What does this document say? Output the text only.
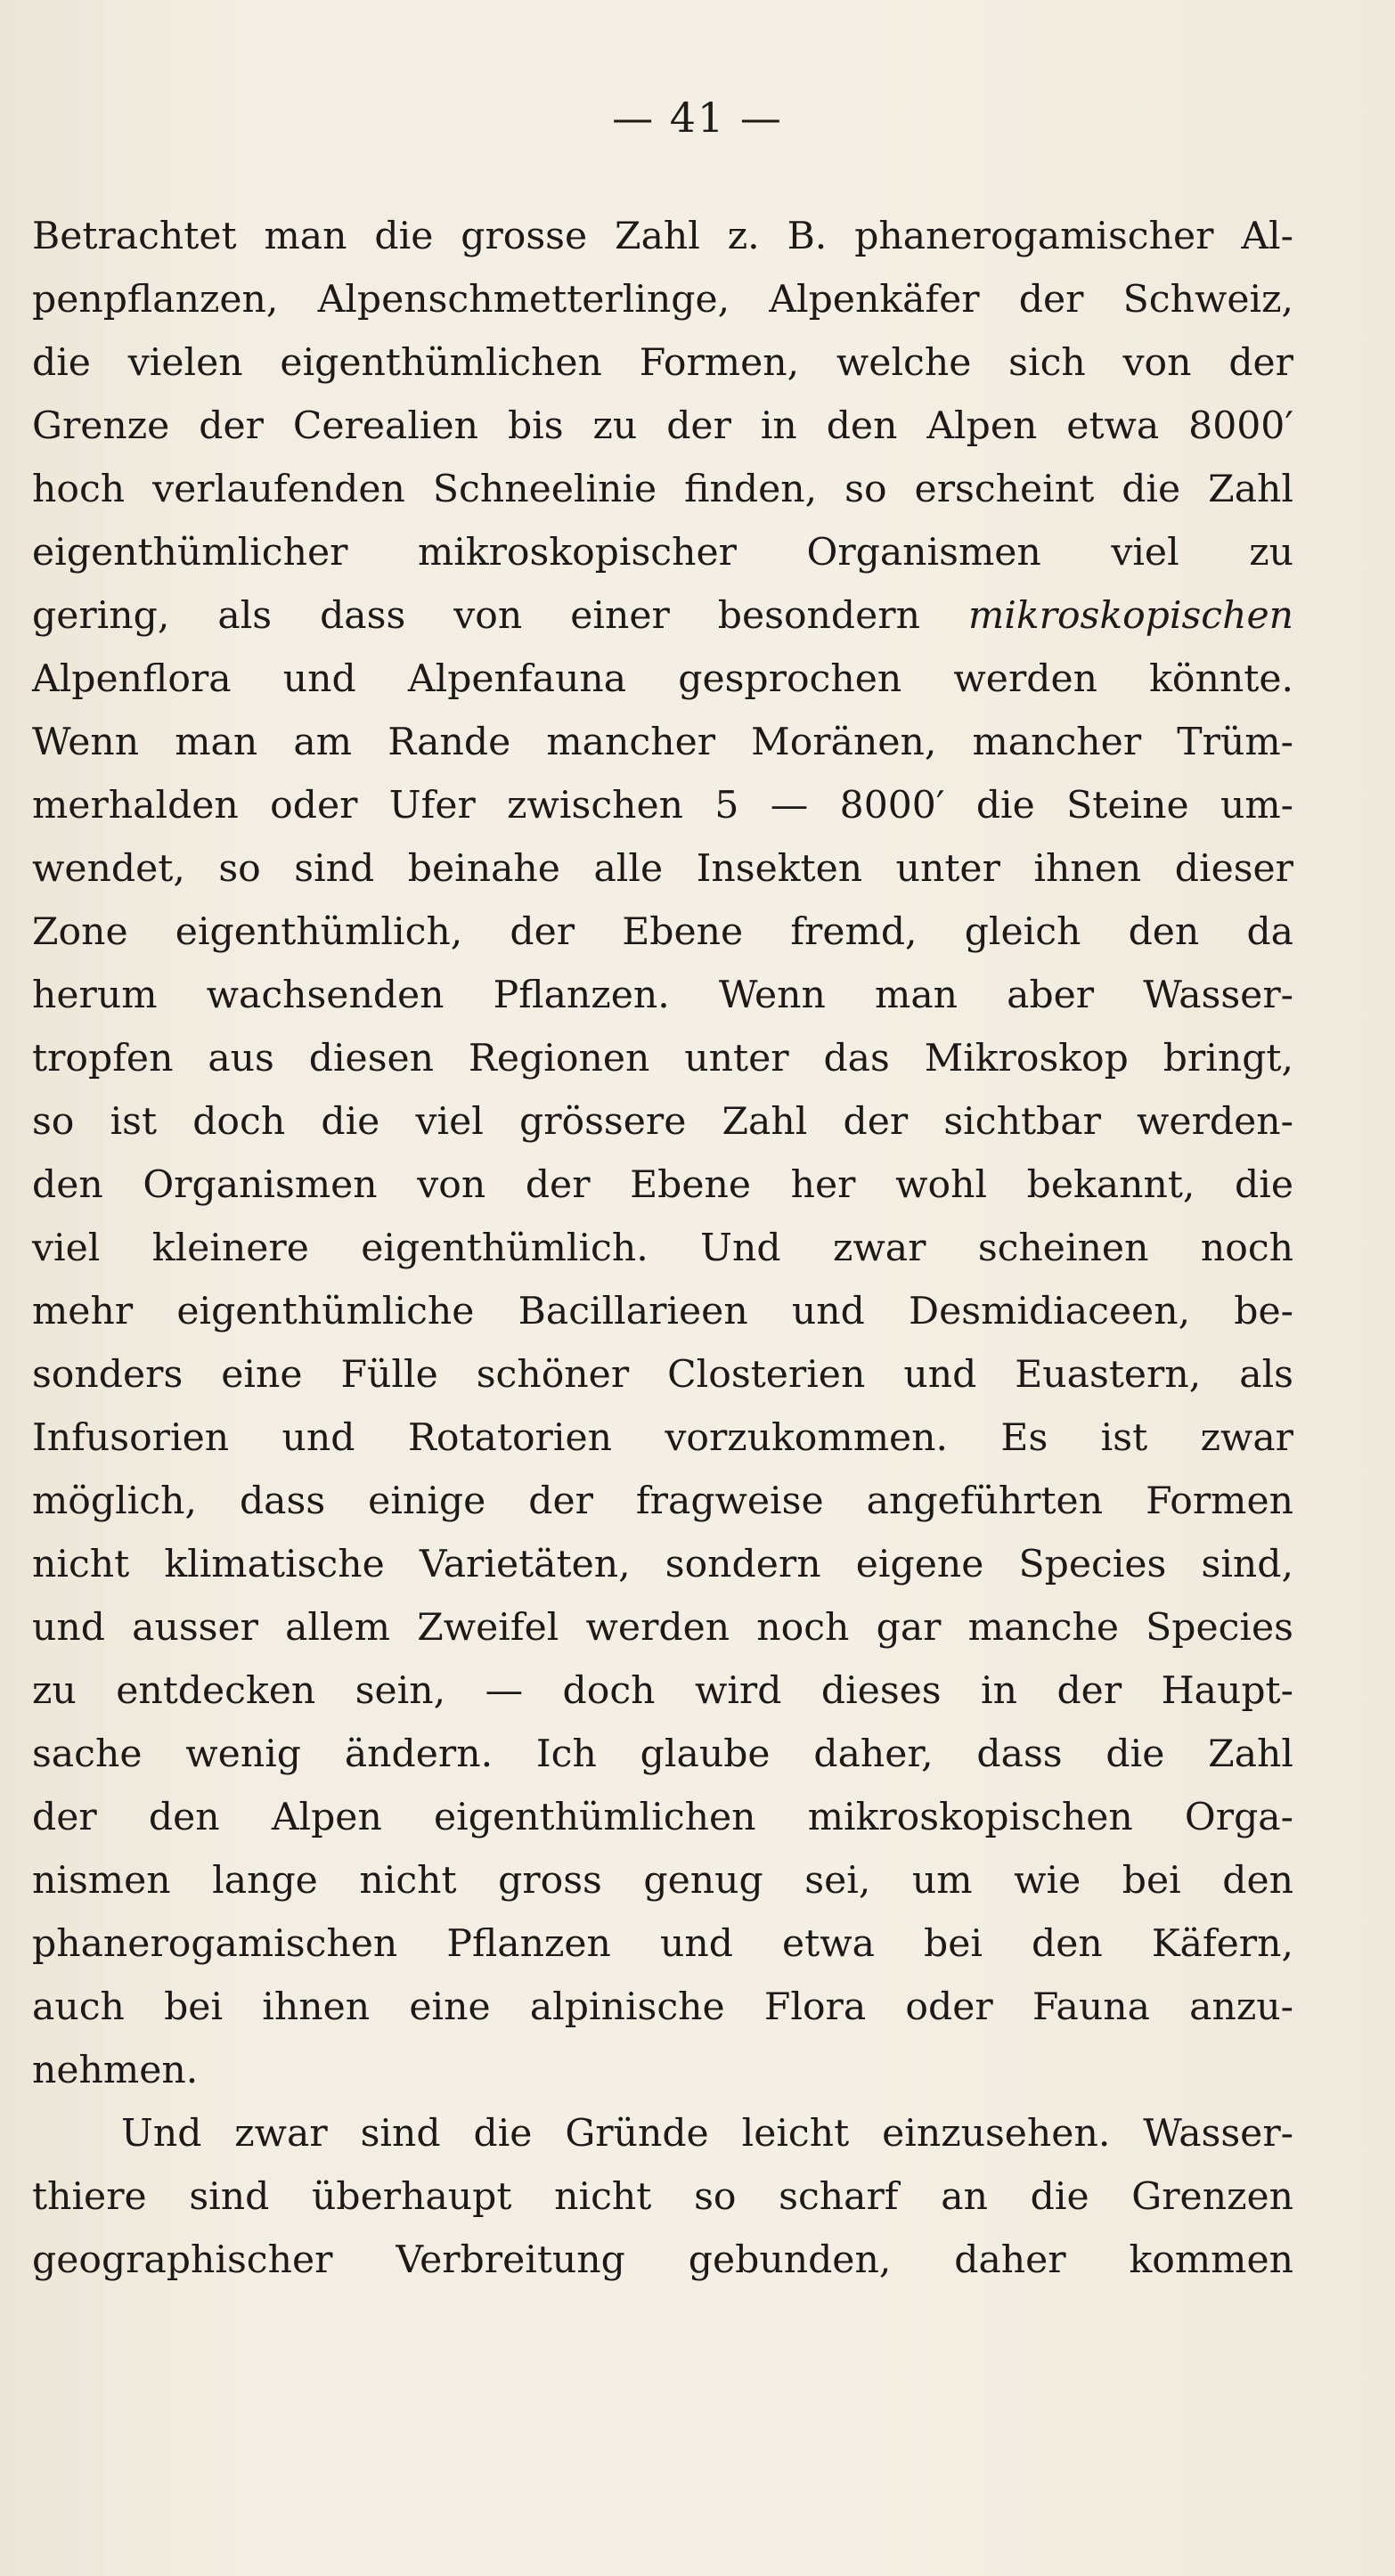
— 41 —
Betrachtet man die grosse Zahl z. B. phanerogamischer Al-
penpflanzen, Alpenschmetterlinge, Alpenkäfer der Schweiz,
die vielen eigenthümlichen Formen, welche sich von der
Grenze der Cerealien bis zu der in den Alpen etwa 8000′
hoch verlaufenden Schneelinie finden, so erscheint die Zahl
eigenthümlicher mikroskopischer Organismen viel zu
gering, als dass von einer besondern mikroskopischen
Alpenflora und Alpenfauna gesprochen werden könnte.
Wenn man am Rande mancher Moränen, mancher Trüm-
merhalden oder Ufer zwischen 5 — 8000′ die Steine um-
wendet, so sind beinahe alle Insekten unter ihnen dieser
Zone eigenthümlich, der Ebene fremd, gleich den da
herum wachsenden Pflanzen. Wenn man aber Wasser-
tropfen aus diesen Regionen unter das Mikroskop bringt,
so ist doch die viel grössere Zahl der sichtbar werden-
den Organismen von der Ebene her wohl bekannt, die
viel kleinere eigenthümlich. Und zwar scheinen noch
mehr eigenthümliche Bacillarieen und Desmidiaceen, be-
sonders eine Fülle schöner Closterien und Euastern, als
Infusorien und Rotatorien vorzukommen. Es ist zwar
möglich, dass einige der fragweise angeführten Formen
nicht klimatische Varietäten, sondern eigene Species sind,
und ausser allem Zweifel werden noch gar manche Species
zu entdecken sein, — doch wird dieses in der Haupt-
sache wenig ändern. Ich glaube daher, dass die Zahl
der den Alpen eigenthümlichen mikroskopischen Orga-
nismen lange nicht gross genug sei, um wie bei den
phanerogamischen Pflanzen und etwa bei den Käfern,
auch bei ihnen eine alpinische Flora oder Fauna anzu-
nehmen.
Und zwar sind die Gründe leicht einzusehen. Wasser-
thiere sind überhaupt nicht so scharf an die Grenzen
geographischer Verbreitung gebunden, daher kommen
